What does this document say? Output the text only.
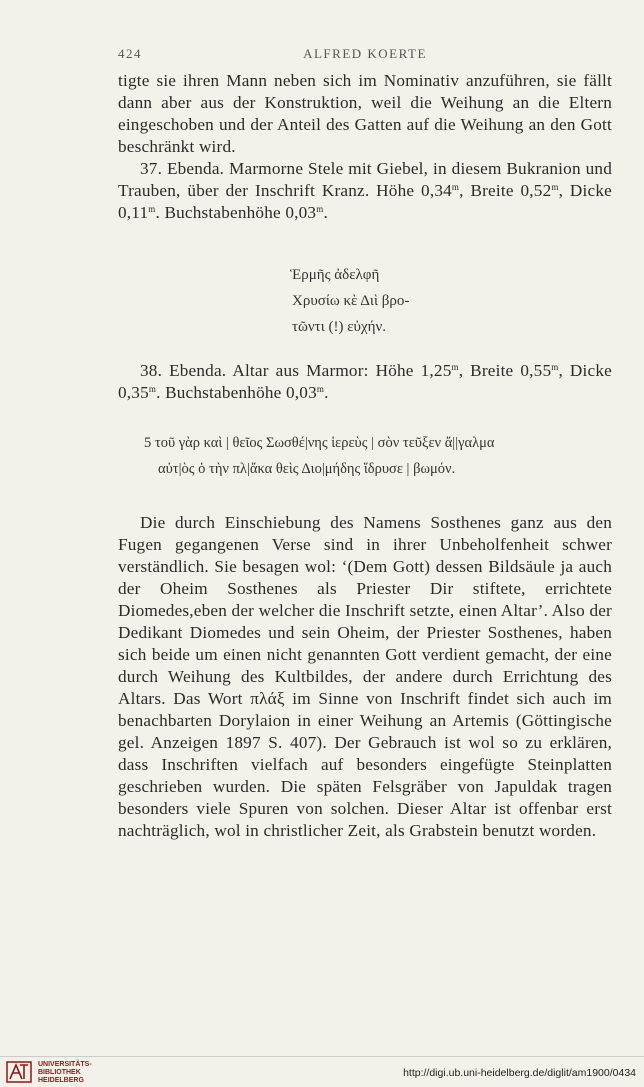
424	ALFRED KOERTE

tigte sie ihren Mann neben sich im Nominativ anzuführen, sie fällt dann aber aus der Konstruktion, weil die Weihung an die Eltern eingeschoben und der Anteil des Gatten auf die Weihung an den Gott beschränkt wird.

37. Ebenda. Marmorne Stele mit Giebel, in diesem Bukranion und Trauben, über der Inschrift Kranz. Höhe 0,34$^m$, Breite 0,52$^m$, Dicke 0,11$^m$. Buchstabenhöhe 0,03$^m$.

Ἑρμῆς ἀδελφῆ
Χρυσίω κὲ Διὶ βρο-
τῶντι (!) εὐχήν.

38. Ebenda. Altar aus Marmor: Höhe 1,25$^m$, Breite 0,55$^m$, Dicke 0,35$^m$. Buchstabenhöhe 0,03$^m$.

5 τοῦ γὰρ καὶ | θεῖος Σωσθέ|νης ἱερεὺς | σὸν τεῦξεν ἄ||γαλμα
αὐτ|ὸς ὁ τὴν πλ|ἄκα θεὶς Διο|μήδης ἵδρυσε | βωμόν.

Die durch Einschiebung des Namens Sosthenes ganz aus den Fugen gegangenen Verse sind in ihrer Unbeholfenheit schwer verständlich. Sie besagen wol: ‘(Dem Gott) dessen Bildsäule ja auch der Oheim Sosthenes als Priester Dir stiftete, errichtete Diomedes,eben der welcher die Inschrift setzte, einen Altar’. Also der Dedikant Diomedes und sein Oheim, der Priester Sosthenes, haben sich beide um einen nicht genannten Gott verdient gemacht, der eine durch Weihung des Kultbildes, der andere durch Errichtung des Altars. Das Wort πλάξ im Sinne von Inschrift findet sich auch im benachbarten Dorylaion in einer Weihung an Artemis (Göttingische gel. Anzeigen 1897 S. 407). Der Gebrauch ist wol so zu erklären, dass Inschriften vielfach auf besonders eingefügte Steinplatten geschrieben wurden. Die späten Felsgräber von Japuldak tragen besonders viele Spuren von solchen. Dieser Altar ist offenbar erst nachträglich, wol in christlicher Zeit, als Grabstein benutzt worden.

UNIVERSITÄTS-
BIBLIOTHEK
HEIDELBERG
http://digi.ub.uni-heidelberg.de/diglit/am1900/0434
